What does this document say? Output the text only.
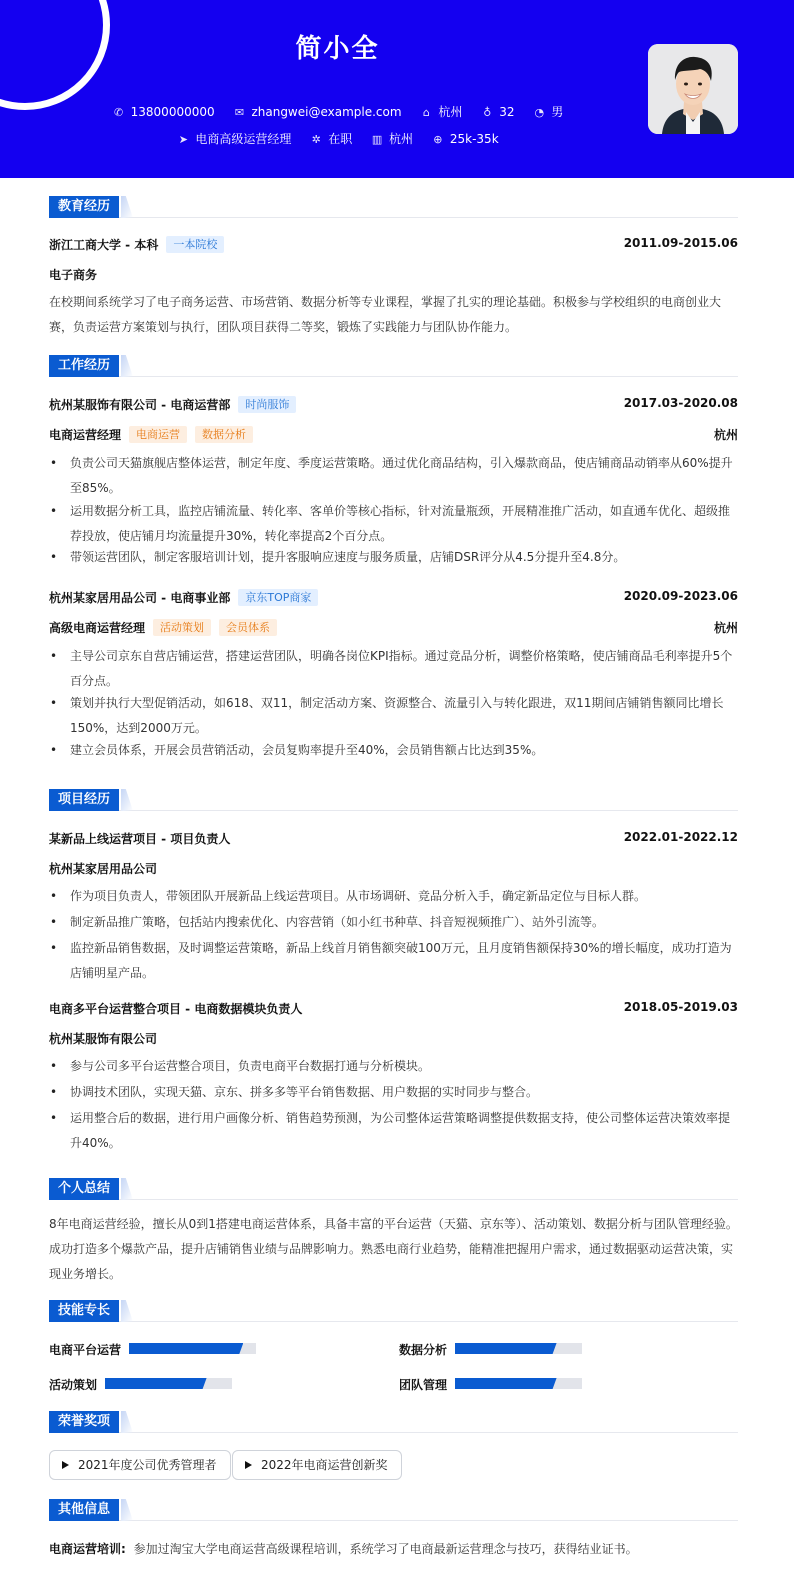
简小全
✆ 13800000000 ✉ zhangwei@example.com ⌂ 杭州 ♁ 32 ◔ 男
➤ 电商高级运营经理 ✲ 在职 ▥ 杭州 ⊕ 25k-35k
教育经历
浙江工商大学 - 本科 一本院校	2011.09-2015.06
电子商务
在校期间系统学习了电子商务运营、市场营销、数据分析等专业课程，掌握了扎实的理论基础。积极参与学校组织的电商创业大赛，负责运营方案策划与执行，团队项目获得二等奖，锻炼了实践能力与团队协作能力。
工作经历
杭州某服饰有限公司 - 电商运营部 时尚服饰	2017.03-2020.08
电商运营经理 电商运营 数据分析	杭州
• 负责公司天猫旗舰店整体运营，制定年度、季度运营策略。通过优化商品结构，引入爆款商品，使店铺商品动销率从60%提升至85%。
• 运用数据分析工具，监控店铺流量、转化率、客单价等核心指标，针对流量瓶颈，开展精准推广活动，如直通车优化、超级推荐投放，使店铺月均流量提升30%，转化率提高2个百分点。
• 带领运营团队，制定客服培训计划，提升客服响应速度与服务质量，店铺DSR评分从4.5分提升至4.8分。
杭州某家居用品公司 - 电商事业部 京东TOP商家	2020.09-2023.06
高级电商运营经理 活动策划 会员体系	杭州
• 主导公司京东自营店铺运营，搭建运营团队，明确各岗位KPI指标。通过竞品分析，调整价格策略，使店铺商品毛利率提升5个百分点。
• 策划并执行大型促销活动，如618、双11，制定活动方案、资源整合、流量引入与转化跟进，双11期间店铺销售额同比增长150%，达到2000万元。
• 建立会员体系，开展会员营销活动，会员复购率提升至40%，会员销售额占比达到35%。
项目经历
某新品上线运营项目 - 项目负责人	2022.01-2022.12
杭州某家居用品公司
• 作为项目负责人，带领团队开展新品上线运营项目。从市场调研、竞品分析入手，确定新品定位与目标人群。
• 制定新品推广策略，包括站内搜索优化、内容营销（如小红书种草、抖音短视频推广）、站外引流等。
• 监控新品销售数据，及时调整运营策略，新品上线首月销售额突破100万元，且月度销售额保持30%的增长幅度，成功打造为店铺明星产品。
电商多平台运营整合项目 - 电商数据模块负责人	2018.05-2019.03
杭州某服饰有限公司
• 参与公司多平台运营整合项目，负责电商平台数据打通与分析模块。
• 协调技术团队，实现天猫、京东、拼多多等平台销售数据、用户数据的实时同步与整合。
• 运用整合后的数据，进行用户画像分析、销售趋势预测，为公司整体运营策略调整提供数据支持，使公司整体运营决策效率提升40%。
个人总结
8年电商运营经验，擅长从0到1搭建电商运营体系，具备丰富的平台运营（天猫、京东等）、活动策划、数据分析与团队管理经验。成功打造多个爆款产品，提升店铺销售业绩与品牌影响力。熟悉电商行业趋势，能精准把握用户需求，通过数据驱动运营决策，实现业务增长。
技能专长
电商平台运营	数据分析
活动策划	团队管理
荣誉奖项
2021年度公司优秀管理者	2022年电商运营创新奖
其他信息
电商运营培训: 参加过淘宝大学电商运营高级课程培训，系统学习了电商最新运营理念与技巧，获得结业证书。
